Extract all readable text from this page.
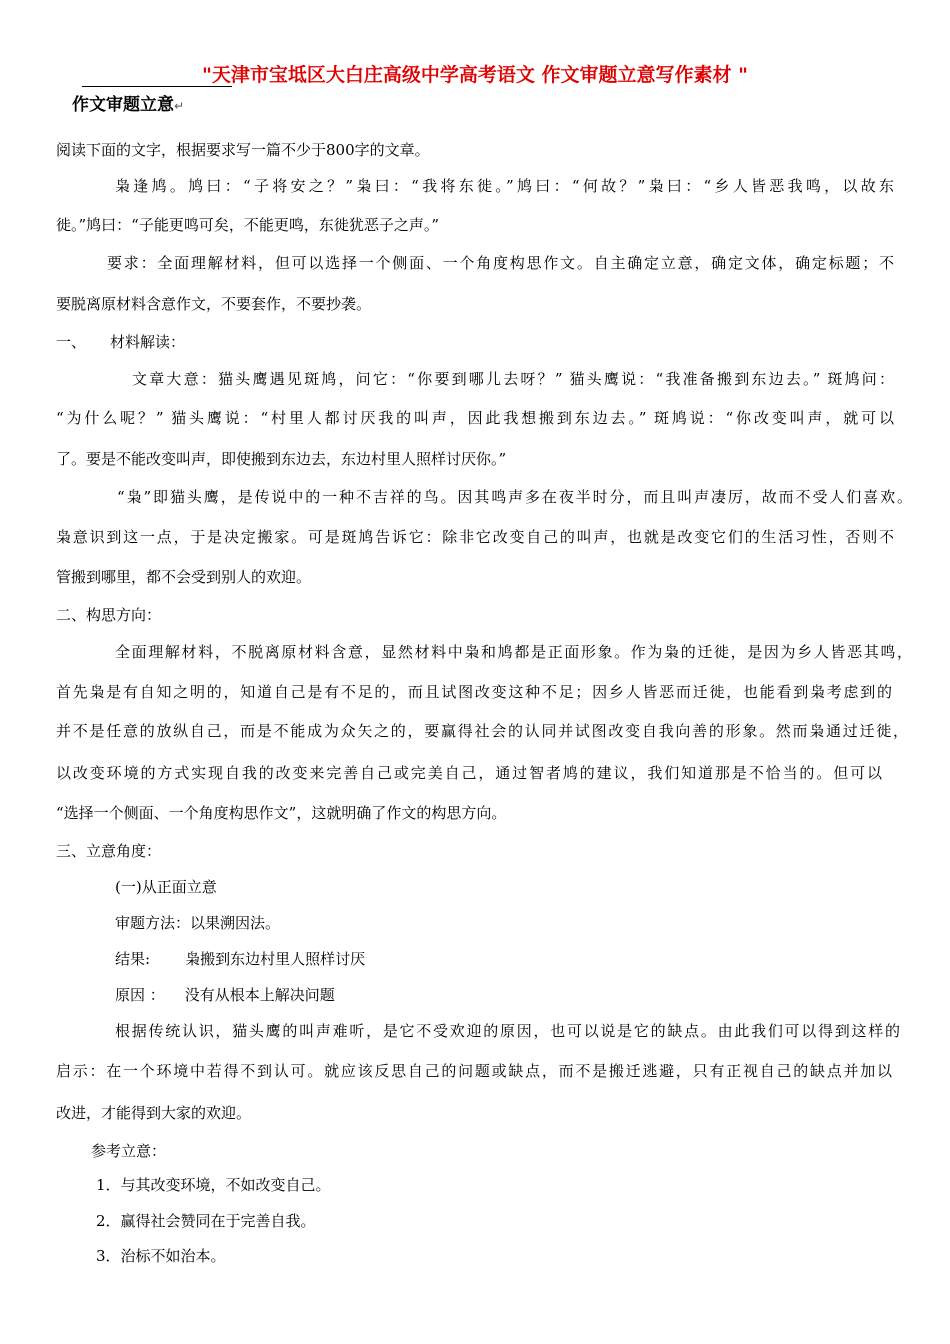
"天津市宝坻区大白庄高级中学高考语文 作文审题立意写作素材 "
作文审题立意↵
阅读下面的文字，根据要求写一篇不少于800字的文章。
枭逢鸠。鸠曰：“子将安之？”枭曰：“我将东徙。”鸠曰：“何故？”枭曰：“乡人皆恶我鸣，以故东
徙。”鸠曰：“子能更鸣可矣，不能更鸣，东徙犹恶子之声。”
要求：全面理解材料，但可以选择一个侧面、一个角度构思作文。自主确定立意，确定文体，确定标题；不
要脱离原材料含意作文，不要套作，不要抄袭。
一、 材料解读：
文章大意：猫头鹰遇见斑鸠，问它：“你要到哪儿去呀？” 猫头鹰说：“我准备搬到东边去。” 斑鸠问：
“为什么呢？” 猫头鹰说：“村里人都讨厌我的叫声，因此我想搬到东边去。” 斑鸠说：“你改变叫声，就可以
了。要是不能改变叫声，即使搬到东边去，东边村里人照样讨厌你。”
“枭”即猫头鹰，是传说中的一种不吉祥的鸟。因其鸣声多在夜半时分，而且叫声凄厉，故而不受人们喜欢。
枭意识到这一点，于是决定搬家。可是斑鸠告诉它：除非它改变自己的叫声，也就是改变它们的生活习性，否则不
管搬到哪里，都不会受到别人的欢迎。
二、构思方向：
全面理解材料，不脱离原材料含意，显然材料中枭和鸠都是正面形象。作为枭的迁徙，是因为乡人皆恶其鸣，
首先枭是有自知之明的，知道自己是有不足的，而且试图改变这种不足；因乡人皆恶而迁徙，也能看到枭考虑到的
并不是任意的放纵自己，而是不能成为众矢之的，要赢得社会的认同并试图改变自我向善的形象。然而枭通过迁徙，
以改变环境的方式实现自我的改变来完善自己或完美自己，通过智者鸠的建议，我们知道那是不恰当的。但可以
“选择一个侧面、一个角度构思作文”，这就明确了作文的构思方向。
三、立意角度：
(一)从正面立意
审题方法：以果溯因法。
结果: 枭搬到东边村里人照样讨厌
原因 ： 没有从根本上解决问题
根据传统认识，猫头鹰的叫声难听，是它不受欢迎的原因，也可以说是它的缺点。由此我们可以得到这样的
启示：在一个环境中若得不到认可。就应该反思自己的问题或缺点，而不是搬迁逃避，只有正视自己的缺点并加以
改进，才能得到大家的欢迎。
参考立意：
1．与其改变环境，不如改变自己。
2．赢得社会赞同在于完善自我。
3．治标不如治本。
